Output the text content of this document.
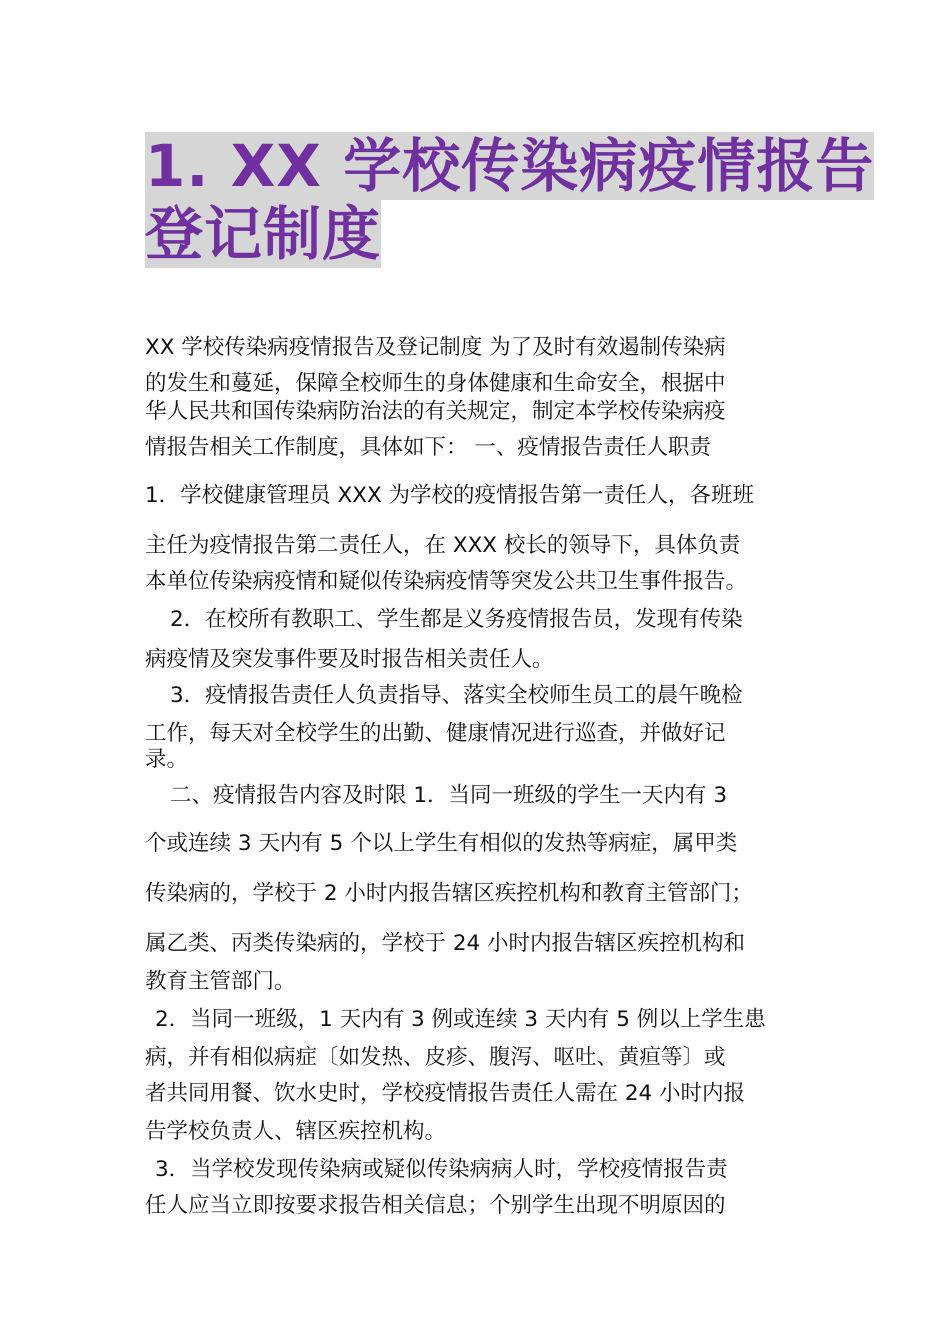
1. XX 学校传染病疫情报告
登记制度

XX 学校传染病疫情报告及登记制度 为了及时有效遏制传染病

的发生和蔓延，保障全校师生的身体健康和生命安全，根据中

华人民共和国传染病防治法的有关规定，制定本学校传染病疫

情报告相关工作制度，具体如下： 一、疫情报告责任人职责

1．学校健康管理员 XXX 为学校的疫情报告第一责任人，各班班

主任为疫情报告第二责任人，在 XXX 校长的领导下，具体负责

本单位传染病疫情和疑似传染病疫情等突发公共卫生事件报告。

2．在校所有教职工、学生都是义务疫情报告员，发现有传染

病疫情及突发事件要及时报告相关责任人。

3．疫情报告责任人负责指导、落实全校师生员工的晨午晚检

工作，每天对全校学生的出勤、健康情况进行巡查，并做好记

录。

二、疫情报告内容及时限 1．当同一班级的学生一天内有 3

个或连续 3 天内有 5 个以上学生有相似的发热等病症，属甲类

传染病的，学校于 2 小时内报告辖区疾控机构和教育主管部门；

属乙类、丙类传染病的，学校于 24 小时内报告辖区疾控机构和

教育主管部门。

2．当同一班级，1 天内有 3 例或连续 3 天内有 5 例以上学生患

病，并有相似病症〔如发热、皮疹、腹泻、呕吐、黄疸等〕或

者共同用餐、饮水史时，学校疫情报告责任人需在 24 小时内报

告学校负责人、辖区疾控机构。

3．当学校发现传染病或疑似传染病病人时，学校疫情报告责

任人应当立即按要求报告相关信息；个别学生出现不明原因的
